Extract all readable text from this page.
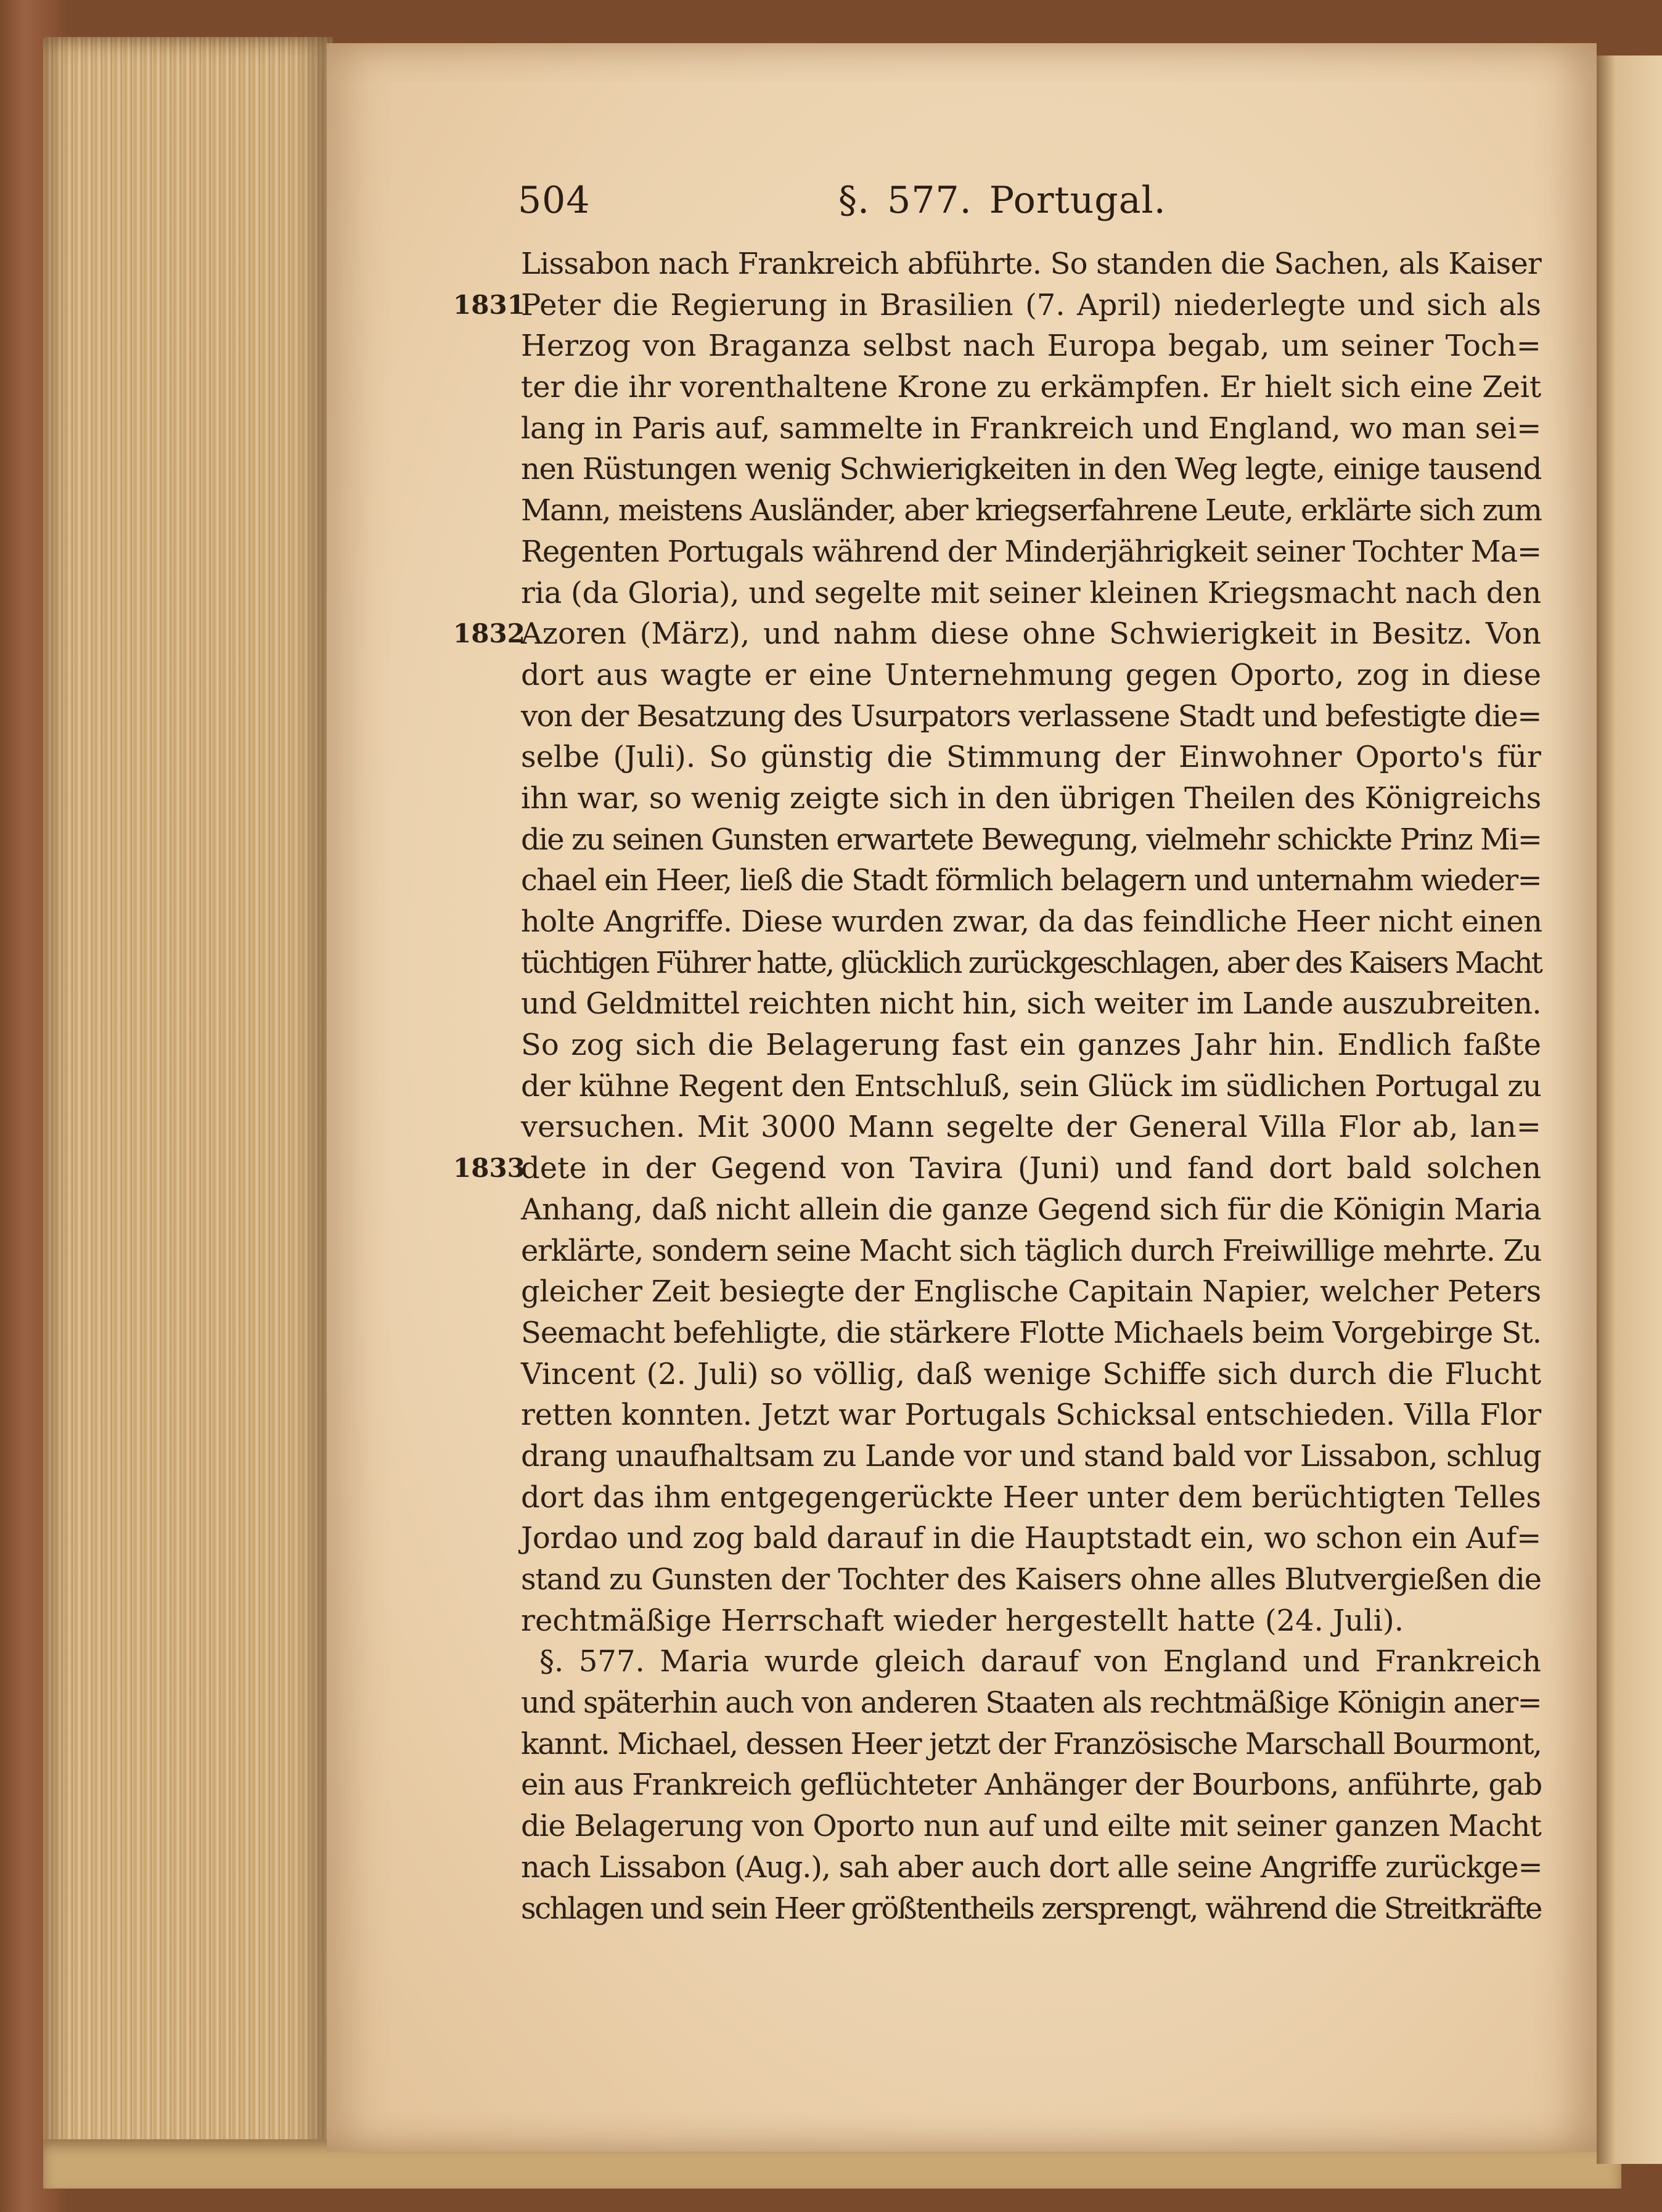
504	§. 577. Portugal.
Lissabon nach Frankreich abführte. So standen die Sachen, als Kaiser
1831
Peter die Regierung in Brasilien (7. April) niederlegte und sich als
Herzog von Braganza selbst nach Europa begab, um seiner Toch=
ter die ihr vorenthaltene Krone zu erkämpfen. Er hielt sich eine Zeit
lang in Paris auf, sammelte in Frankreich und England, wo man sei=
nen Rüstungen wenig Schwierigkeiten in den Weg legte, einige tausend
Mann, meistens Ausländer, aber kriegserfahrene Leute, erklärte sich zum
Regenten Portugals während der Minderjährigkeit seiner Tochter Ma=
ria (da Gloria), und segelte mit seiner kleinen Kriegsmacht nach den
1832
Azoren (März), und nahm diese ohne Schwierigkeit in Besitz. Von
dort aus wagte er eine Unternehmung gegen Oporto, zog in diese
von der Besatzung des Usurpators verlassene Stadt und befestigte die=
selbe (Juli). So günstig die Stimmung der Einwohner Oporto's für
ihn war, so wenig zeigte sich in den übrigen Theilen des Königreichs
die zu seinen Gunsten erwartete Bewegung, vielmehr schickte Prinz Mi=
chael ein Heer, ließ die Stadt förmlich belagern und unternahm wieder=
holte Angriffe. Diese wurden zwar, da das feindliche Heer nicht einen
tüchtigen Führer hatte, glücklich zurückgeschlagen, aber des Kaisers Macht
und Geldmittel reichten nicht hin, sich weiter im Lande auszubreiten.
So zog sich die Belagerung fast ein ganzes Jahr hin. Endlich faßte
der kühne Regent den Entschluß, sein Glück im südlichen Portugal zu
versuchen. Mit 3000 Mann segelte der General Villa Flor ab, lan=
1833
dete in der Gegend von Tavira (Juni) und fand dort bald solchen
Anhang, daß nicht allein die ganze Gegend sich für die Königin Maria
erklärte, sondern seine Macht sich täglich durch Freiwillige mehrte. Zu
gleicher Zeit besiegte der Englische Capitain Napier, welcher Peters
Seemacht befehligte, die stärkere Flotte Michaels beim Vorgebirge St.
Vincent (2. Juli) so völlig, daß wenige Schiffe sich durch die Flucht
retten konnten. Jetzt war Portugals Schicksal entschieden. Villa Flor
drang unaufhaltsam zu Lande vor und stand bald vor Lissabon, schlug
dort das ihm entgegengerückte Heer unter dem berüchtigten Telles
Jordao und zog bald darauf in die Hauptstadt ein, wo schon ein Auf=
stand zu Gunsten der Tochter des Kaisers ohne alles Blutvergießen die
rechtmäßige Herrschaft wieder hergestellt hatte (24. Juli).
§. 577. Maria wurde gleich darauf von England und Frankreich
und späterhin auch von anderen Staaten als rechtmäßige Königin aner=
kannt. Michael, dessen Heer jetzt der Französische Marschall Bourmont,
ein aus Frankreich geflüchteter Anhänger der Bourbons, anführte, gab
die Belagerung von Oporto nun auf und eilte mit seiner ganzen Macht
nach Lissabon (Aug.), sah aber auch dort alle seine Angriffe zurückge=
schlagen und sein Heer größtentheils zersprengt, während die Streitkräfte
